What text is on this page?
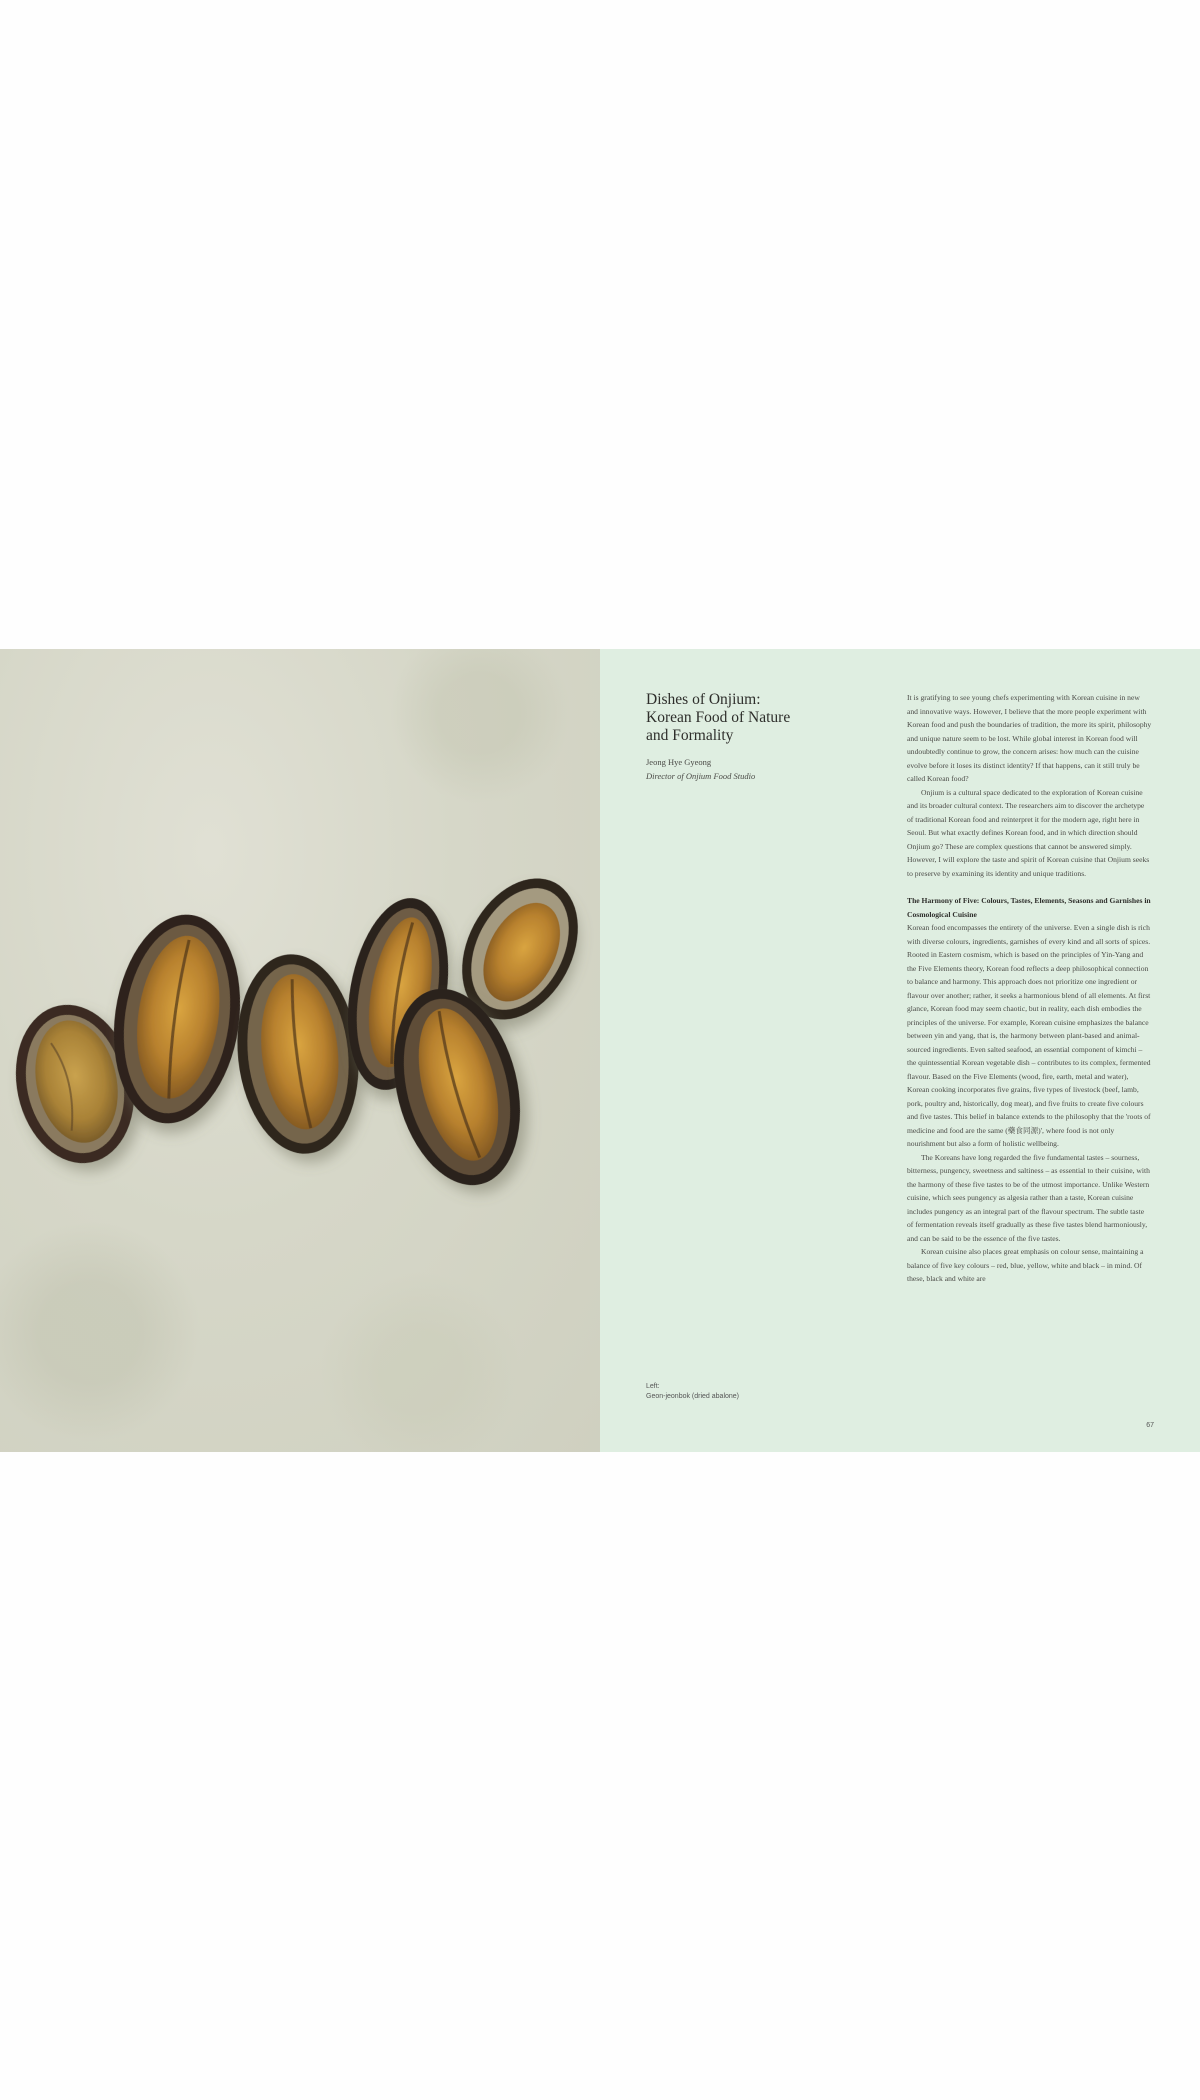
Dishes of Onjium:
Korean Food of Nature
and Formality
Jeong Hye Gyeong
Director of Onjium Food Studio
Left:
Geon-jeonbok (dried abalone)

It is gratifying to see young chefs experimenting with Korean cuisine in new and innovative ways. However, I believe that the more people experiment with Korean food and push the boundaries of tradition, the more its spirit, philosophy and unique nature seem to be lost. While global interest in Korean food will undoubtedly continue to grow, the concern arises: how much can the cuisine evolve before it loses its distinct identity? If that happens, can it still truly be called Korean food?

Onjium is a cultural space dedicated to the exploration of Korean cuisine and its broader cultural context. The researchers aim to discover the archetype of traditional Korean food and reinterpret it for the modern age, right here in Seoul. But what exactly defines Korean food, and in which direction should Onjium go? These are complex questions that cannot be answered simply. However, I will explore the taste and spirit of Korean cuisine that Onjium seeks to preserve by examining its identity and unique traditions.

The Harmony of Five: Colours, Tastes, Elements, Seasons and Garnishes in Cosmological Cuisine

Korean food encompasses the entirety of the universe. Even a single dish is rich with diverse colours, ingredients, garnishes of every kind and all sorts of spices. Rooted in Eastern cosmism, which is based on the principles of Yin-Yang and the Five Elements theory, Korean food reflects a deep philosophical connection to balance and harmony. This approach does not prioritize one ingredient or flavour over another; rather, it seeks a harmonious blend of all elements. At first glance, Korean food may seem chaotic, but in reality, each dish embodies the principles of the universe. For example, Korean cuisine emphasizes the balance between yin and yang, that is, the harmony between plant-based and animal-sourced ingredients. Even salted seafood, an essential component of kimchi – the quintessential Korean vegetable dish – contributes to its complex, fermented flavour. Based on the Five Elements (wood, fire, earth, metal and water), Korean cooking incorporates five grains, five types of livestock (beef, lamb, pork, poultry and, historically, dog meat), and five fruits to create five colours and five tastes. This belief in balance extends to the philosophy that the 'roots of medicine and food are the same (藥食同源)', where food is not only nourishment but also a form of holistic wellbeing.

The Koreans have long regarded the five fundamental tastes – sourness, bitterness, pungency, sweetness and saltiness – as essential to their cuisine, with the harmony of these five tastes to be of the utmost importance. Unlike Western cuisine, which sees pungency as algesia rather than a taste, Korean cuisine includes pungency as an integral part of the flavour spectrum. The subtle taste of fermentation reveals itself gradually as these five tastes blend harmoniously, and can be said to be the essence of the five tastes.

Korean cuisine also places great emphasis on colour sense, maintaining a balance of five key colours – red, blue, yellow, white and black – in mind. Of these, black and white are

67
